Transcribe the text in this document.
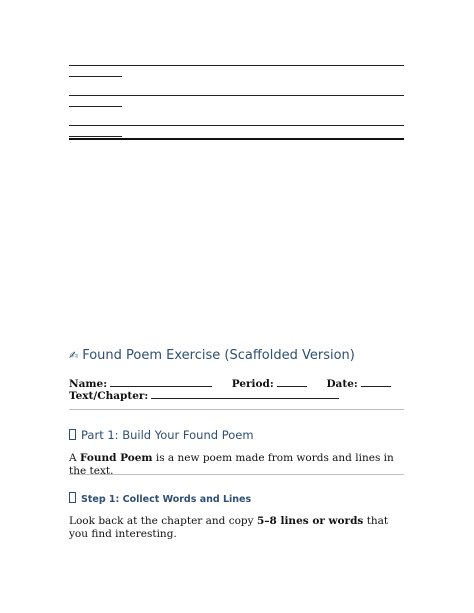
✍ Found Poem Exercise (Scaffolded Version)
Name:	Period:	Date:
Text/Chapter:
Part 1: Build Your Found Poem
A Found Poem is a new poem made from words and lines in the text.
Step 1: Collect Words and Lines
Look back at the chapter and copy 5–8 lines or words that you find interesting.
